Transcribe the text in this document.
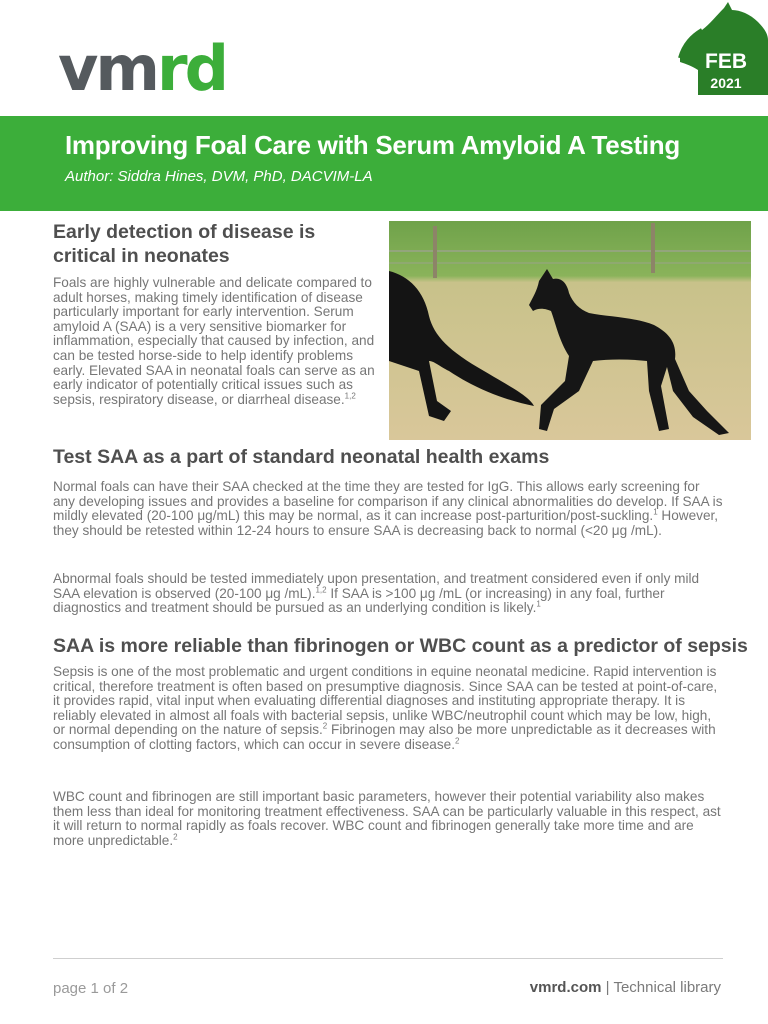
vmrd
Improving Foal Care with Serum Amyloid A Testing
Author: Siddra Hines, DVM, PhD, DACVIM-LA
FEB
2021
Early detection of disease is critical in neonates

Foals are highly vulnerable and delicate compared to adult horses, making timely identification of disease particularly important for early intervention. Serum amyloid A (SAA) is a very sensitive biomarker for inflammation, especially that caused by infection, and can be tested horse-side to help identify problems early. Elevated SAA in neonatal foals can serve as an early indicator of potentially critical issues such as sepsis, respiratory disease, or diarrheal disease.$^{1,2}$

Test SAA as a part of standard neonatal health exams

Normal foals can have their SAA checked at the time they are tested for IgG. This allows early screening for any developing issues and provides a baseline for comparison if any clinical abnormalities do develop. If SAA is mildly elevated (20-100 μg/mL) this may be normal, as it can increase post-parturition/post-suckling.$^1$ However, they should be retested within 12-24 hours to ensure SAA is decreasing back to normal (<20 μg /mL).

Abnormal foals should be tested immediately upon presentation, and treatment considered even if only mild SAA elevation is observed (20-100 μg /mL).$^{1,2}$ If SAA is >100 μg /mL (or increasing) in any foal, further diagnostics and treatment should be pursued as an underlying condition is likely.$^1$

SAA is more reliable than fibrinogen or WBC count as a predictor of sepsis

Sepsis is one of the most problematic and urgent conditions in equine neonatal medicine. Rapid intervention is critical, therefore treatment is often based on presumptive diagnosis. Since SAA can be tested at point-of-care, it provides rapid, vital input when evaluating differential diagnoses and instituting appropriate therapy. It is reliably elevated in almost all foals with bacterial sepsis, unlike WBC/neutrophil count which may be low, high, or normal depending on the nature of sepsis.$^2$ Fibrinogen may also be more unpredictable as it decreases with consumption of clotting factors, which can occur in severe disease.$^2$

WBC count and fibrinogen are still important basic parameters, however their potential variability also makes them less than ideal for monitoring treatment effectiveness. SAA can be particularly valuable in this respect, ast it will return to normal rapidly as foals recover. WBC count and fibrinogen generally take more time and are more unpredictable.$^2$

page 1 of 2	vmrd.com | Technical library
